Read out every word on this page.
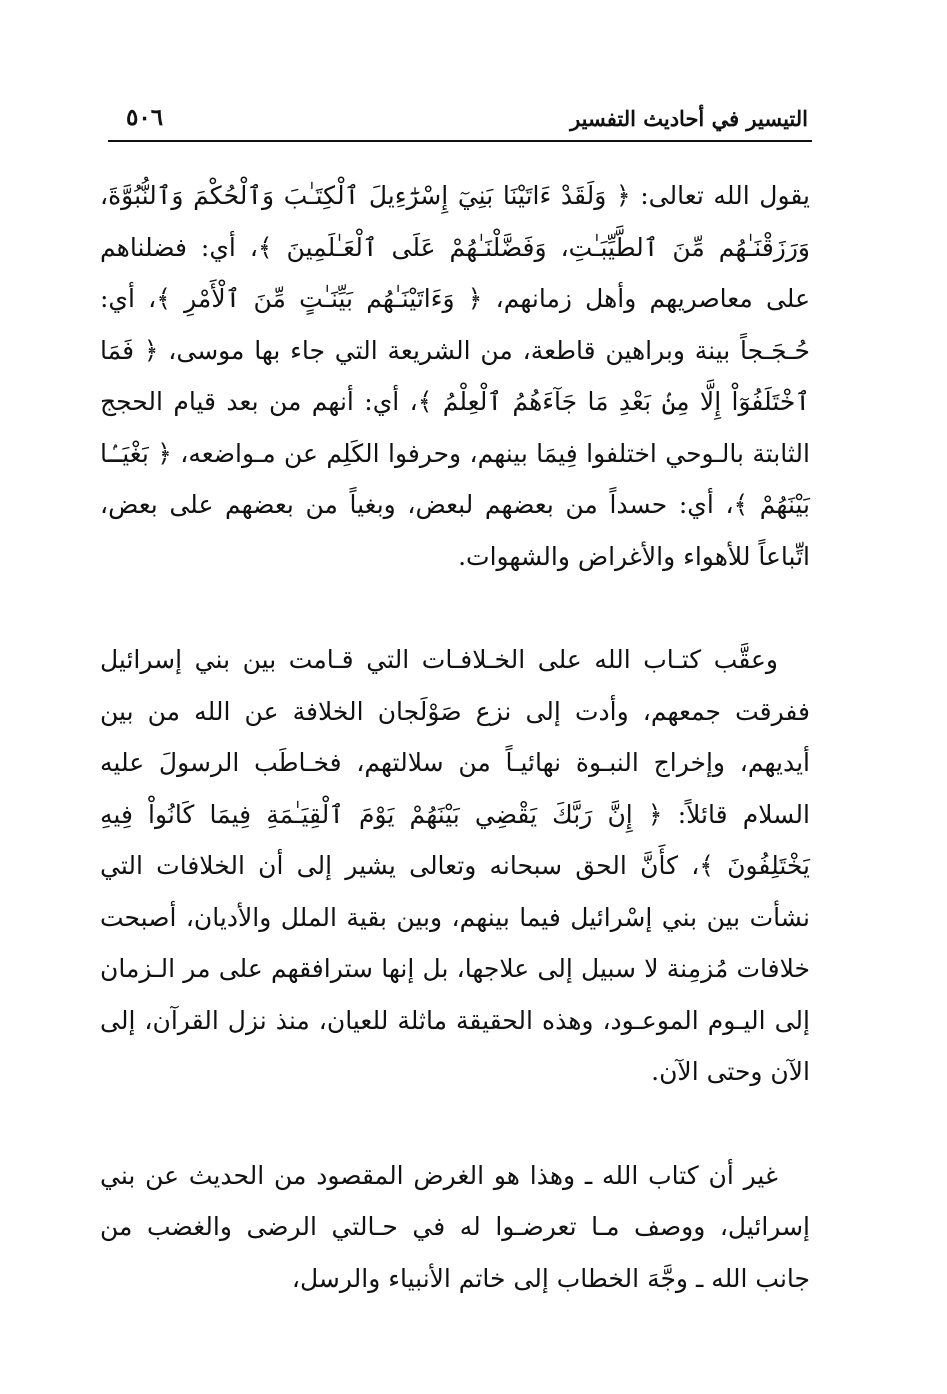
التيسير في أحاديث التفسير
٥٠٦

يقول الله تعالى: ﴿ وَلَقَدْ ءَاتَيْنَا بَنِيٓ إِسْرَٰٓءِيلَ ٱلْكِتَـٰبَ وَٱلْحُكْمَ وَٱلنُّبُوَّةَ، وَرَزَقْنَـٰهُم مِّنَ ٱلطَّيِّبَـٰتِ، وَفَضَّلْنَـٰهُمْ عَلَى ٱلْعَـٰلَمِينَ ﴾، أي: فضلناهم على معاصريهم وأهل زمانهم، ﴿ وَءَاتَيْنَـٰهُم بَيِّنَـٰتٍ مِّنَ ٱلْأَمْرِ ﴾، أي: حُـجَـجاً بينة وبراهين قاطعة، من الشريعة التي جاء بها موسى، ﴿ فَمَا ٱخْتَلَفُوٓاْ إِلَّا مِنۢ بَعْدِ مَا جَآءَهُمُ ٱلْعِلْمُ ﴾، أي: أنهم من بعد قيام الحجج الثابتة بالـوحي اختلفوا فِيمَا بينهم، وحرفوا الكَلِم عن مـواضعه، ﴿ بَغْيَـۢا بَيْنَهُمْ ﴾، أي: حسداً من بعضهم لبعض، وبغياً من بعضهم على بعض، اتِّباعاً للأهواء والأغراض والشهوات.

وعقَّب كتـاب الله على الخـلافـات التي قـامت بين بني إسرائيل ففرقت جمعهم، وأدت إلى نزع صَوْلَجان الخلافة عن الله من بين أيديهم، وإخراج النبـوة نهائيـاً من سلالتهم، فخـاطَب الرسولَ عليه السلام قائلاً: ﴿ إِنَّ رَبَّكَ يَقْضِي بَيْنَهُمْ يَوْمَ ٱلْقِيَـٰمَةِ فِيمَا كَانُواْ فِيهِ يَخْتَلِفُونَ ﴾، كأَنَّ الحق سبحانه وتعالى يشير إلى أن الخلافات التي نشأت بين بني إسْرائيل فيما بينهم، وبين بقية الملل والأديان، أصبحت خلافات مُزمِنة لا سبيل إلى علاجها، بل إنها سترافقهم على مر الـزمان إلى اليـوم الموعـود، وهذه الحقيقة ماثلة للعيان، منذ نزل القرآن، إلى الآن وحتى الآن.

غير أن كتاب الله ـ وهذا هو الغرض المقصود من الحديث عن بني إسرائيل، ووصف مـا تعرضـوا له في حـالتي الرضى والغضب من جانب الله ـ وجَّهَ الخطاب إلى خاتم الأنبياء والرسل،
